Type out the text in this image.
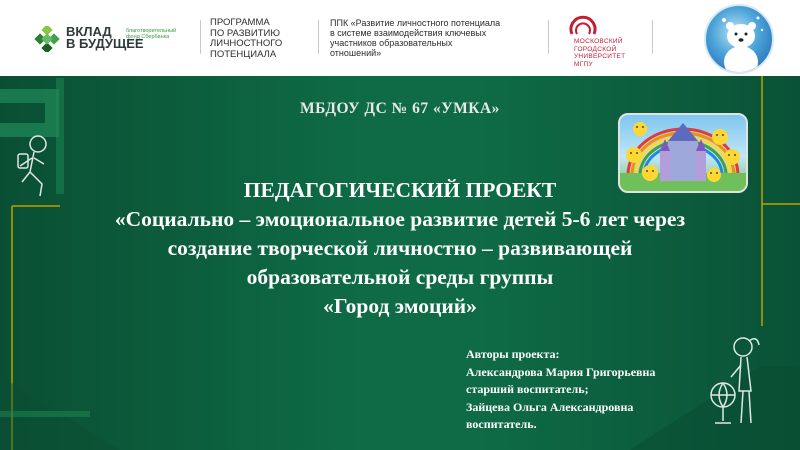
ВКЛАД
В БУДУЩЕЕ
благотворительный
фонд Сбербанка
ПРОГРАММА
ПО РАЗВИТИЮ
ЛИЧНОСТНОГО
ПОТЕНЦИАЛА
ППК «Развитие личностного потенциала
в системе взаимодействия ключевых
участников образовательных
отношений»
МОСКОВСКИЙ
ГОРОДСКОЙ
УНИВЕРСИТЕТ
МГПУ
МБДОУ ДС № 67 «УМКА»
ПЕДАГОГИЧЕСКИЙ ПРОЕКТ
«Социально – эмоциональное развитие детей 5-6 лет через
создание творческой личностно – развивающей
образовательной среды группы
«Город эмоций»
Авторы проекта:
Александрова Мария Григорьевна
старший воспитатель;
Зайцева Ольга Александровна
воспитатель.
